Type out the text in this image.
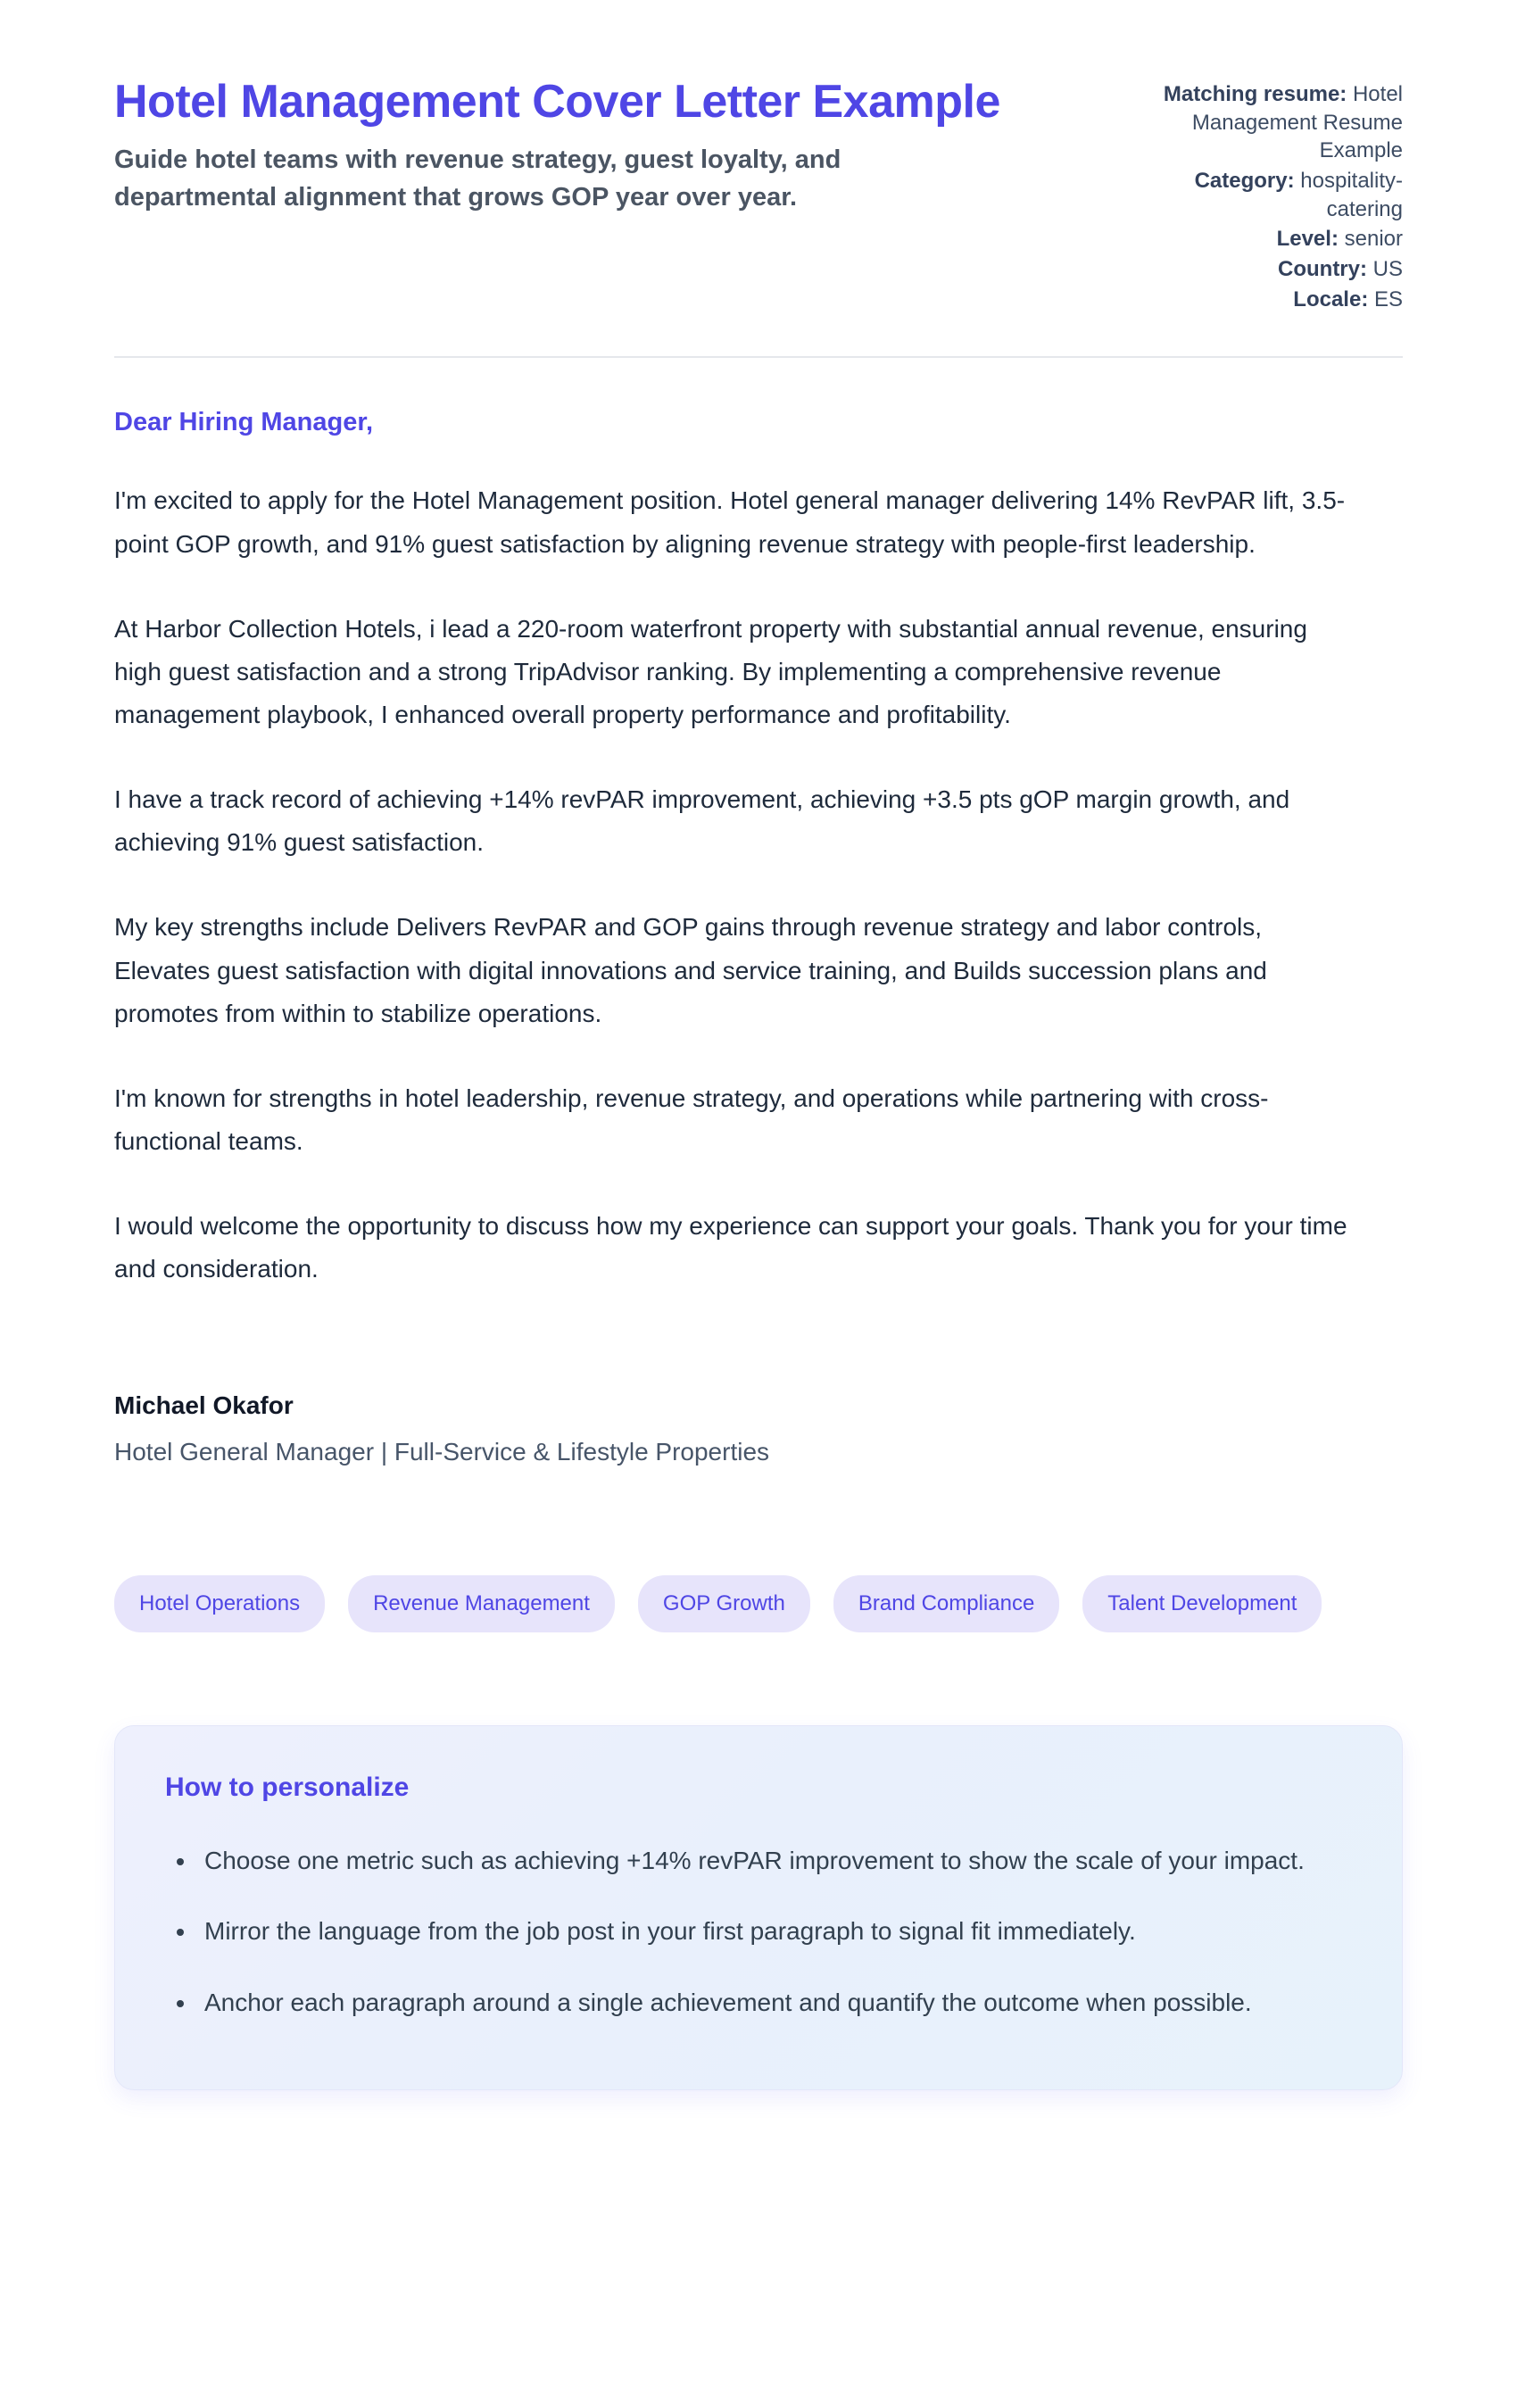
Hotel Management Cover Letter Example

Guide hotel teams with revenue strategy, guest loyalty, and departmental alignment that grows GOP year over year.

Matching resume: Hotel Management Resume Example
Category: hospitality-catering
Level: senior
Country: US
Locale: ES
Dear Hiring Manager,

I'm excited to apply for the Hotel Management position. Hotel general manager delivering 14% RevPAR lift, 3.5-point GOP growth, and 91% guest satisfaction by aligning revenue strategy with people-first leadership.

At Harbor Collection Hotels, i lead a 220-room waterfront property with substantial annual revenue, ensuring high guest satisfaction and a strong TripAdvisor ranking. By implementing a comprehensive revenue management playbook, I enhanced overall property performance and profitability.

I have a track record of achieving +14% revPAR improvement, achieving +3.5 pts gOP margin growth, and achieving 91% guest satisfaction.

My key strengths include Delivers RevPAR and GOP gains through revenue strategy and labor controls, Elevates guest satisfaction with digital innovations and service training, and Builds succession plans and promotes from within to stabilize operations.

I'm known for strengths in hotel leadership, revenue strategy, and operations while partnering with cross-functional teams.

I would welcome the opportunity to discuss how my experience can support your goals. Thank you for your time and consideration.

Michael Okafor
Hotel General Manager | Full-Service & Lifestyle Properties
Hotel Operations	Revenue Management	GOP Growth	Brand Compliance	Talent Development
How to personalize
• Choose one metric such as achieving +14% revPAR improvement to show the scale of your impact.
• Mirror the language from the job post in your first paragraph to signal fit immediately.
• Anchor each paragraph around a single achievement and quantify the outcome when possible.
